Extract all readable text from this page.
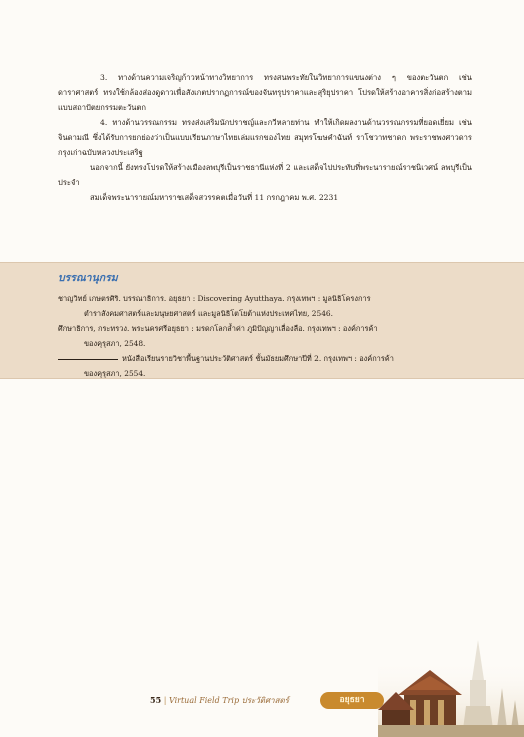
3. ทางด้านความเจริญก้าวหน้าทางวิทยาการ ทรงสนพระทัยในวิทยาการแขนงต่าง ๆ ของตะวันตก เช่น ดาราศาสตร์ ทรงใช้กล้องส่องดูดาวเพื่อสังเกตปรากฏการณ์ของจันทรุปราคาและสุริยุปราคา โปรดให้สร้างอาคารสิ่งก่อสร้างตามแบบสถาปัตยกรรมตะวันตก

4. ทางด้านวรรณกรรม ทรงส่งเสริมนักปราชญ์และกวีหลายท่าน ทำให้เกิดผลงานด้านวรรณกรรมที่ยอดเยี่ยม เช่น จินดามณี ซึ่งได้รับการยกย่องว่าเป็นแบบเรียนภาษาไทยเล่มแรกของไทย สมุทรโฆษคำฉันท์ ราโชวาทชาดก พระราชพงศาวดารกรุงเก่าฉบับหลวงประเสริฐ

นอกจากนี้ ยังทรงโปรดให้สร้างเมืองลพบุรีเป็นราชธานีแห่งที่ 2 และเสด็จไปประทับที่พระนารายณ์ราชนิเวศน์ ลพบุรีเป็นประจำ

สมเด็จพระนารายณ์มหาราชเสด็จสวรรคตเมื่อวันที่ 11 กรกฎาคม พ.ศ. 2231

บรรณานุกรม
ชาญวิทย์ เกษตรศิริ. บรรณาธิการ. อยุธยา : Discovering Ayutthaya. กรุงเทพฯ : มูลนิธิโครงการ
ตำราสังคมศาสตร์และมนุษยศาสตร์ และมูลนิธิโตโยต้าแห่งประเทศไทย, 2546.
ศึกษาธิการ, กระทรวง. พระนครศรีอยุธยา : มรดกโลกล้ำค่า ภูมิปัญญาเลื่องลือ. กรุงเทพฯ : องค์การค้า
ของคุรุสภา, 2548.
หนังสือเรียนรายวิชาพื้นฐานประวัติศาสตร์ ชั้นมัธยมศึกษาปีที่ 2. กรุงเทพฯ : องค์การค้า
ของคุรุสภา, 2554.
55 | Virtual Field Trip ประวัติศาสตร์	อยุธยา
